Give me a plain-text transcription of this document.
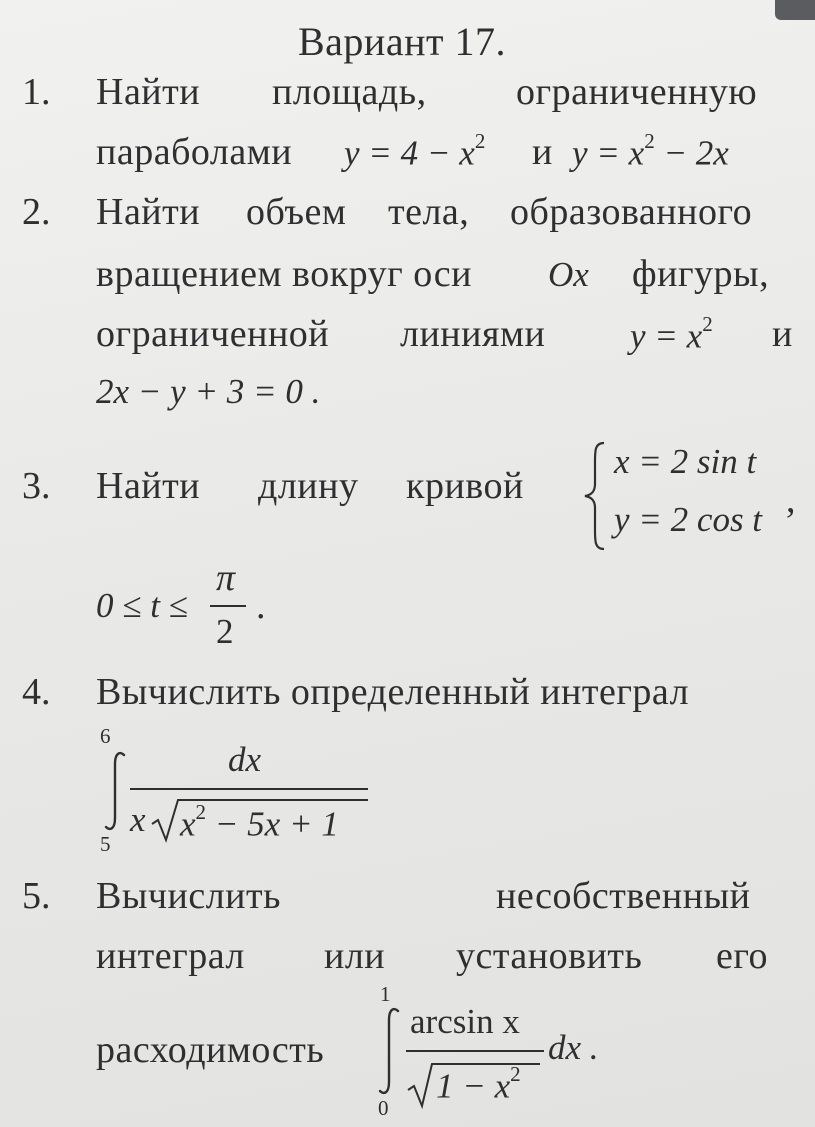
Вариант 17.
1. Найти площадь, ограниченную
параболами $y = 4 - x^2$ и $y = x^2 - 2x$
2. Найти объем тела, образованного
вращением вокруг оси Ox фигуры,
ограниченной линиями $y = x^2$ и
2x − y + 3 = 0 .
3. Найти длину кривой
x = 2 sin t
y = 2 cos t ,
0 ≤ t ≤
π
2
.
4. Вычислить определенный интеграл
6
5
dx
x $x^2 - 5x + 1$
5. Вычислить	несобственный
интеграл или установить его
расходимость
1
0
arcsin x
$1 - x^2$
dx .
